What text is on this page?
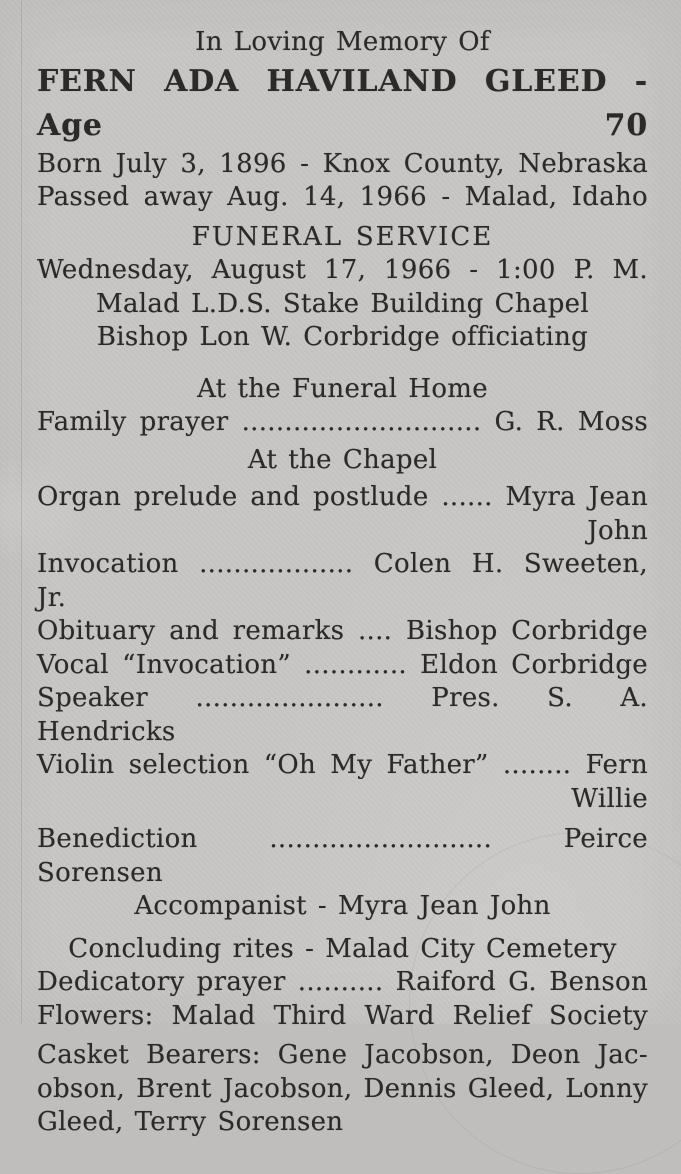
In Loving Memory Of
FERN ADA HAVILAND GLEED - Age 70
Born July 3, 1896 - Knox County, Nebraska
Passed away Aug. 14, 1966 - Malad, Idaho
FUNERAL SERVICE
Wednesday, August 17, 1966 - 1:00 P. M.
Malad L.D.S. Stake Building Chapel
Bishop Lon W. Corbridge officiating
At the Funeral Home
Family prayer ............................ G. R. Moss
At the Chapel
Organ prelude and postlude ...... Myra Jean
John
Invocation .................. Colen H. Sweeten, Jr.
Obituary and remarks .... Bishop Corbridge
Vocal “Invocation” ............ Eldon Corbridge
Speaker ...................... Pres. S. A. Hendricks
Violin selection “Oh My Father” ........ Fern
Willie
Benediction .......................... Peirce Sorensen
Accompanist - Myra Jean John
Concluding rites - Malad City Cemetery
Dedicatory prayer .......... Raiford G. Benson
Flowers: Malad Third Ward Relief Society
Casket Bearers: Gene Jacobson, Deon Jac-
obson, Brent Jacobson, Dennis Gleed, Lonny
Gleed, Terry Sorensen
